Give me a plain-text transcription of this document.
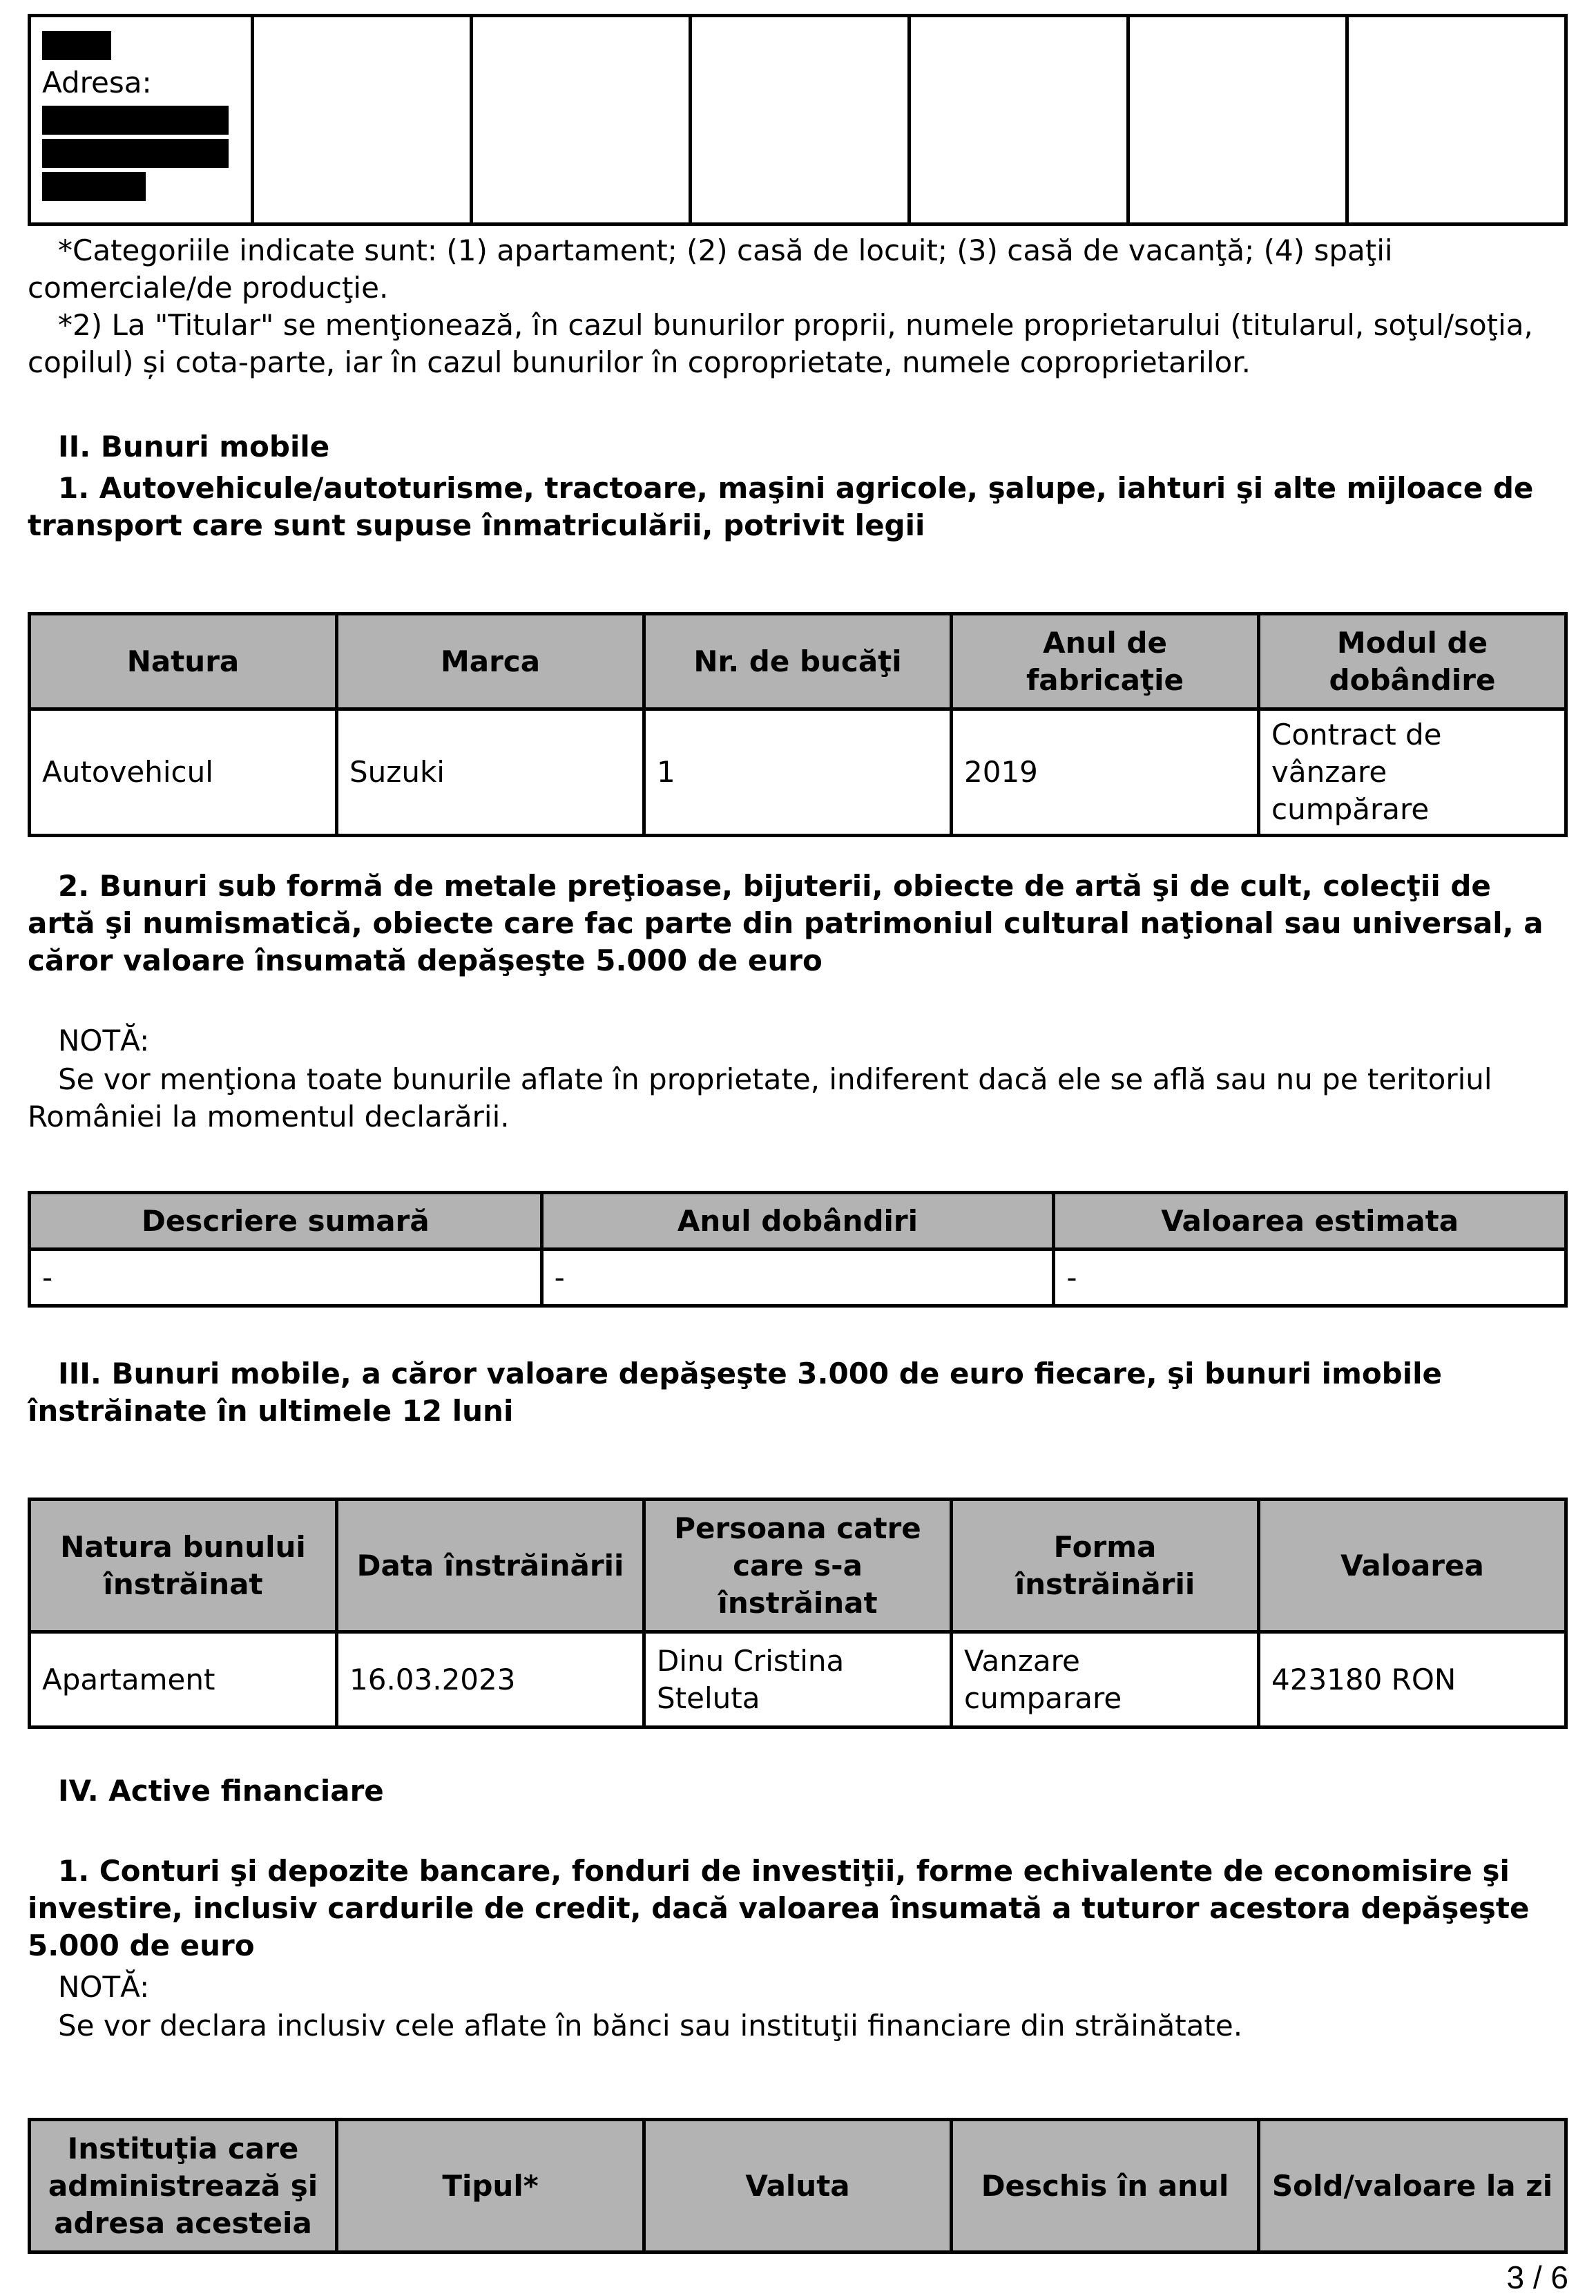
Adresa:

*Categoriile indicate sunt: (1) apartament; (2) casă de locuit; (3) casă de vacanţă; (4) spaţii comerciale/de producţie.

*2) La "Titular" se menţionează, în cazul bunurilor proprii, numele proprietarului (titularul, soţul/soţia, copilul) și cota-parte, iar în cazul bunurilor în coproprietate, numele coproprietarilor.

II. Bunuri mobile

1. Autovehicule/autoturisme, tractoare, maşini agricole, şalupe, iahturi şi alte mijloace de transport care sunt supuse înmatriculării, potrivit legii

Natura	Marca	Nr. de bucăţi	Anul de fabricaţie	Modul de dobândire
Autovehicul	Suzuki	1	2019	Contract de vânzare cumpărare

2. Bunuri sub formă de metale preţioase, bijuterii, obiecte de artă şi de cult, colecţii de artă şi numismatică, obiecte care fac parte din patrimoniul cultural naţional sau universal, a căror valoare însumată depăşeşte 5.000 de euro

NOTĂ:

Se vor menţiona toate bunurile aflate în proprietate, indiferent dacă ele se află sau nu pe teritoriul României la momentul declarării.

Descriere sumară	Anul dobândiri	Valoarea estimata
-	-	-

III. Bunuri mobile, a căror valoare depăşeşte 3.000 de euro fiecare, şi bunuri imobile înstrăinate în ultimele 12 luni

Natura bunului înstrăinat	Data înstrăinării	Persoana catre care s-a înstrăinat	Forma înstrăinării	Valoarea
Apartament	16.03.2023	Dinu Cristina Steluta	Vanzare cumparare	423180 RON

IV. Active financiare

1. Conturi şi depozite bancare, fonduri de investiţii, forme echivalente de economisire şi investire, inclusiv cardurile de credit, dacă valoarea însumată a tuturor acestora depăşeşte 5.000 de euro

NOTĂ:

Se vor declara inclusiv cele aflate în bănci sau instituţii financiare din străinătate.

Instituţia care administrează şi adresa acesteia	Tipul*	Valuta	Deschis în anul	Sold/valoare la zi
3 / 6
